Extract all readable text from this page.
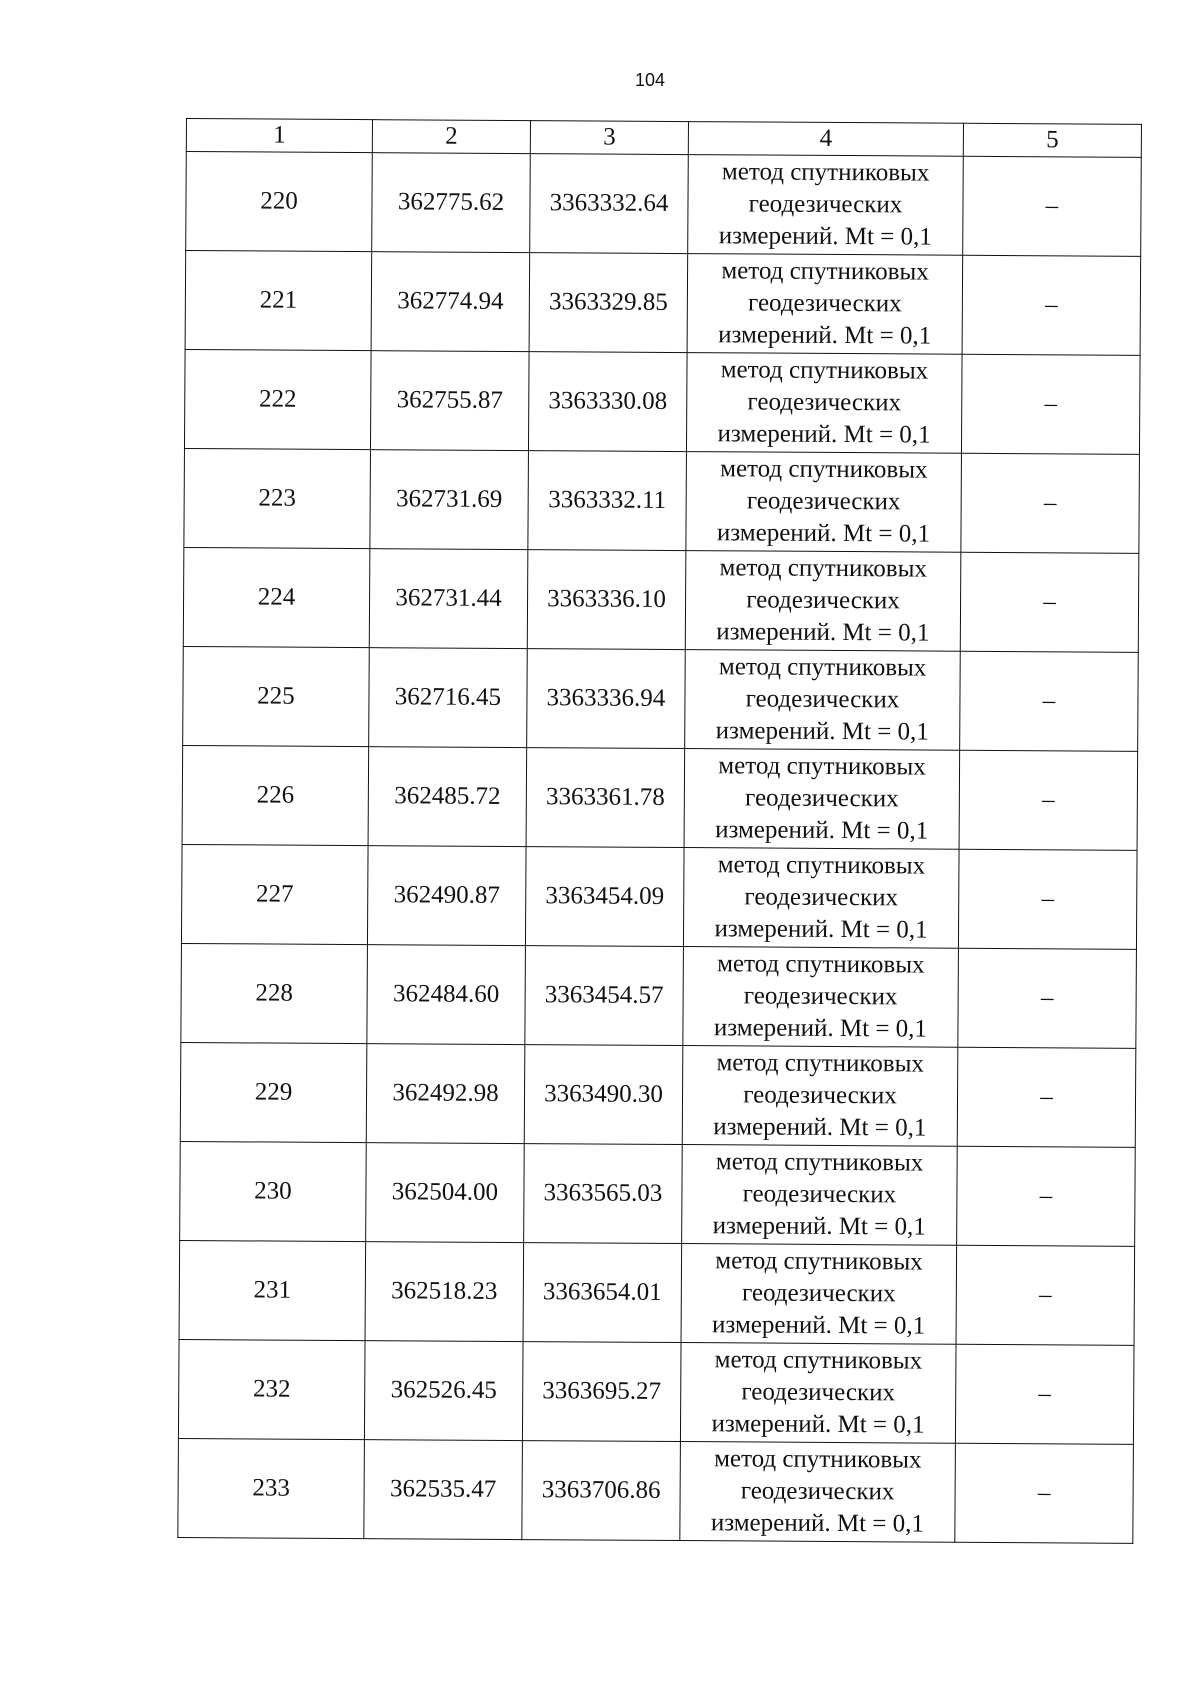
104
1	2	3	4	5
220	362775.62	3363332.64	метод спутниковых
геодезических
измерений. Mt = 0,1	–
221	362774.94	3363329.85	метод спутниковых
геодезических
измерений. Mt = 0,1	–
222	362755.87	3363330.08	метод спутниковых
геодезических
измерений. Mt = 0,1	–
223	362731.69	3363332.11	метод спутниковых
геодезических
измерений. Mt = 0,1	–
224	362731.44	3363336.10	метод спутниковых
геодезических
измерений. Mt = 0,1	–
225	362716.45	3363336.94	метод спутниковых
геодезических
измерений. Mt = 0,1	–
226	362485.72	3363361.78	метод спутниковых
геодезических
измерений. Mt = 0,1	–
227	362490.87	3363454.09	метод спутниковых
геодезических
измерений. Mt = 0,1	–
228	362484.60	3363454.57	метод спутниковых
геодезических
измерений. Mt = 0,1	–
229	362492.98	3363490.30	метод спутниковых
геодезических
измерений. Mt = 0,1	–
230	362504.00	3363565.03	метод спутниковых
геодезических
измерений. Mt = 0,1	–
231	362518.23	3363654.01	метод спутниковых
геодезических
измерений. Mt = 0,1	–
232	362526.45	3363695.27	метод спутниковых
геодезических
измерений. Mt = 0,1	–
233	362535.47	3363706.86	метод спутниковых
геодезических
измерений. Mt = 0,1	–
